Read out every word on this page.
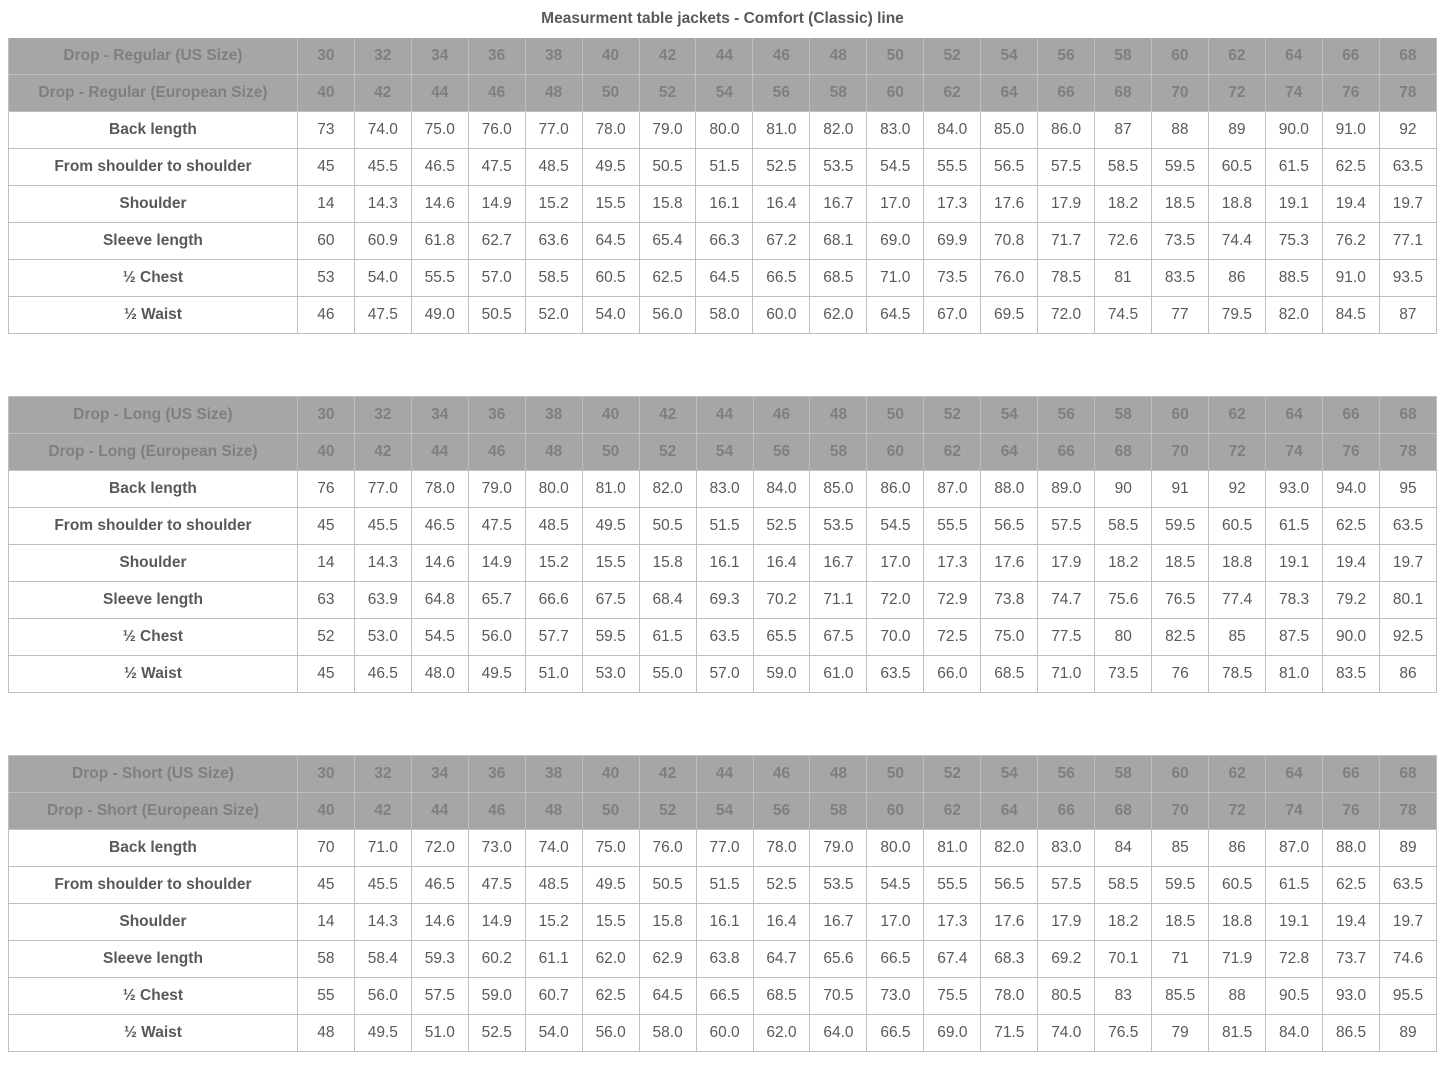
Measurment table jackets - Comfort (Classic) line																				
Drop - Regular (US Size)	30	32	34	36	38	40	42	44	46	48	50	52	54	56	58	60	62	64	66	68
Drop - Regular (European Size)	40	42	44	46	48	50	52	54	56	58	60	62	64	66	68	70	72	74	76	78
Back length	73	74.0	75.0	76.0	77.0	78.0	79.0	80.0	81.0	82.0	83.0	84.0	85.0	86.0	87	88	89	90.0	91.0	92
From shoulder to shoulder	45	45.5	46.5	47.5	48.5	49.5	50.5	51.5	52.5	53.5	54.5	55.5	56.5	57.5	58.5	59.5	60.5	61.5	62.5	63.5
Shoulder	14	14.3	14.6	14.9	15.2	15.5	15.8	16.1	16.4	16.7	17.0	17.3	17.6	17.9	18.2	18.5	18.8	19.1	19.4	19.7
Sleeve length	60	60.9	61.8	62.7	63.6	64.5	65.4	66.3	67.2	68.1	69.0	69.9	70.8	71.7	72.6	73.5	74.4	75.3	76.2	77.1
½ Chest	53	54.0	55.5	57.0	58.5	60.5	62.5	64.5	66.5	68.5	71.0	73.5	76.0	78.5	81	83.5	86	88.5	91.0	93.5
½ Waist	46	47.5	49.0	50.5	52.0	54.0	56.0	58.0	60.0	62.0	64.5	67.0	69.5	72.0	74.5	77	79.5	82.0	84.5	87
Drop - Long (US Size)	30	32	34	36	38	40	42	44	46	48	50	52	54	56	58	60	62	64	66	68
Drop - Long (European Size)	40	42	44	46	48	50	52	54	56	58	60	62	64	66	68	70	72	74	76	78
Back length	76	77.0	78.0	79.0	80.0	81.0	82.0	83.0	84.0	85.0	86.0	87.0	88.0	89.0	90	91	92	93.0	94.0	95
From shoulder to shoulder	45	45.5	46.5	47.5	48.5	49.5	50.5	51.5	52.5	53.5	54.5	55.5	56.5	57.5	58.5	59.5	60.5	61.5	62.5	63.5
Shoulder	14	14.3	14.6	14.9	15.2	15.5	15.8	16.1	16.4	16.7	17.0	17.3	17.6	17.9	18.2	18.5	18.8	19.1	19.4	19.7
Sleeve length	63	63.9	64.8	65.7	66.6	67.5	68.4	69.3	70.2	71.1	72.0	72.9	73.8	74.7	75.6	76.5	77.4	78.3	79.2	80.1
½ Chest	52	53.0	54.5	56.0	57.7	59.5	61.5	63.5	65.5	67.5	70.0	72.5	75.0	77.5	80	82.5	85	87.5	90.0	92.5
½ Waist	45	46.5	48.0	49.5	51.0	53.0	55.0	57.0	59.0	61.0	63.5	66.0	68.5	71.0	73.5	76	78.5	81.0	83.5	86
Drop - Short (US Size)	30	32	34	36	38	40	42	44	46	48	50	52	54	56	58	60	62	64	66	68
Drop - Short (European Size)	40	42	44	46	48	50	52	54	56	58	60	62	64	66	68	70	72	74	76	78
Back length	70	71.0	72.0	73.0	74.0	75.0	76.0	77.0	78.0	79.0	80.0	81.0	82.0	83.0	84	85	86	87.0	88.0	89
From shoulder to shoulder	45	45.5	46.5	47.5	48.5	49.5	50.5	51.5	52.5	53.5	54.5	55.5	56.5	57.5	58.5	59.5	60.5	61.5	62.5	63.5
Shoulder	14	14.3	14.6	14.9	15.2	15.5	15.8	16.1	16.4	16.7	17.0	17.3	17.6	17.9	18.2	18.5	18.8	19.1	19.4	19.7
Sleeve length	58	58.4	59.3	60.2	61.1	62.0	62.9	63.8	64.7	65.6	66.5	67.4	68.3	69.2	70.1	71	71.9	72.8	73.7	74.6
½ Chest	55	56.0	57.5	59.0	60.7	62.5	64.5	66.5	68.5	70.5	73.0	75.5	78.0	80.5	83	85.5	88	90.5	93.0	95.5
½ Waist	48	49.5	51.0	52.5	54.0	56.0	58.0	60.0	62.0	64.0	66.5	69.0	71.5	74.0	76.5	79	81.5	84.0	86.5	89
